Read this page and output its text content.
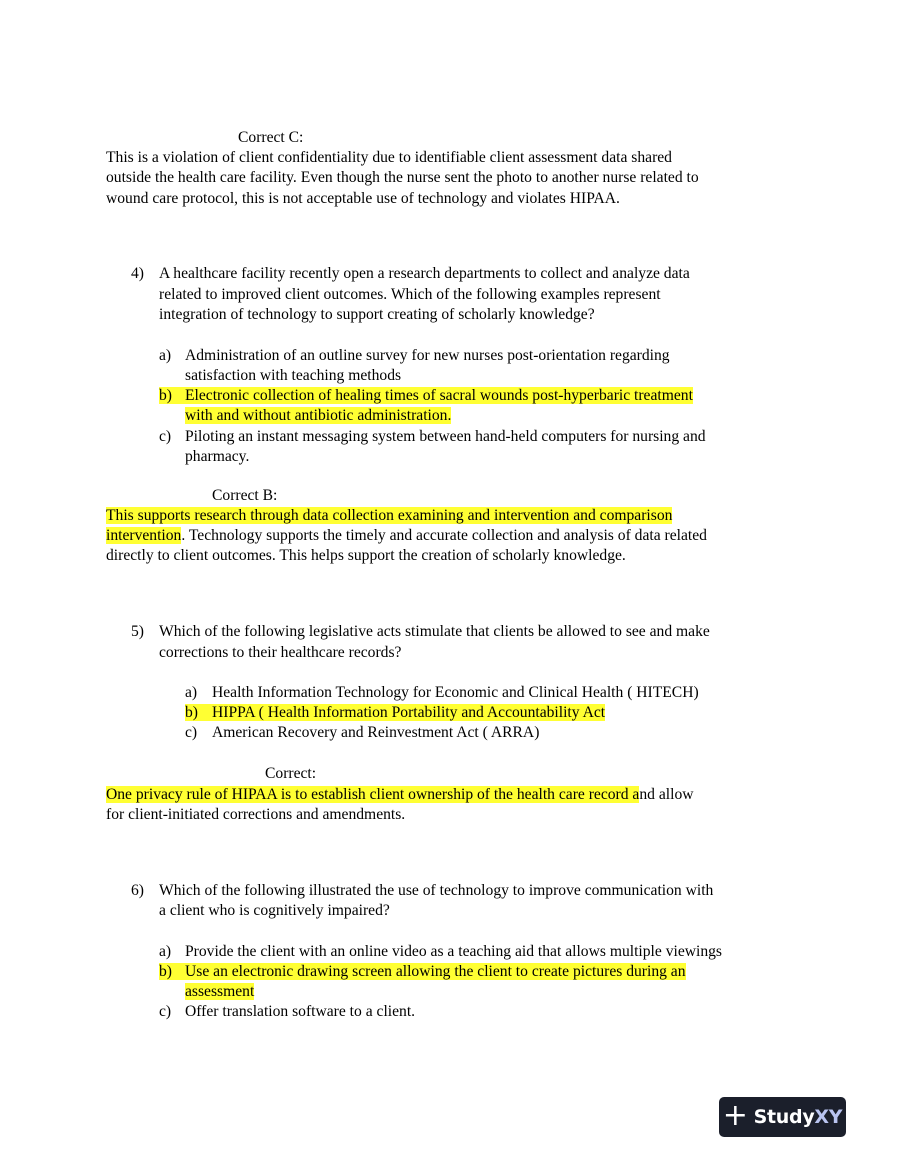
Correct C:
This is a violation of client confidentiality due to identifiable client assessment data shared
outside the health care facility. Even though the nurse sent the photo to another nurse related to
wound care protocol, this is not acceptable use of technology and violates HIPAA.
4) A healthcare facility recently open a research departments to collect and analyze data
related to improved client outcomes. Which of the following examples represent
integration of technology to support creating of scholarly knowledge?
a) Administration of an outline survey for new nurses post-orientation regarding
satisfaction with teaching methods
b) Electronic collection of healing times of sacral wounds post-hyperbaric treatment
with and without antibiotic administration.
c) Piloting an instant messaging system between hand-held computers for nursing and
pharmacy.
Correct B:
This supports research through data collection examining and intervention and comparison
intervention. Technology supports the timely and accurate collection and analysis of data related
directly to client outcomes. This helps support the creation of scholarly knowledge.
5) Which of the following legislative acts stimulate that clients be allowed to see and make
corrections to their healthcare records?
a) Health Information Technology for Economic and Clinical Health ( HITECH)
b) HIPPA ( Health Information Portability and Accountability Act
c) American Recovery and Reinvestment Act ( ARRA)
Correct:
One privacy rule of HIPAA is to establish client ownership of the health care record and allow
for client-initiated corrections and amendments.
6) Which of the following illustrated the use of technology to improve communication with
a client who is cognitively impaired?
a) Provide the client with an online video as a teaching aid that allows multiple viewings
b) Use an electronic drawing screen allowing the client to create pictures during an
assessment
c) Offer translation software to a client.
+ Study XY
